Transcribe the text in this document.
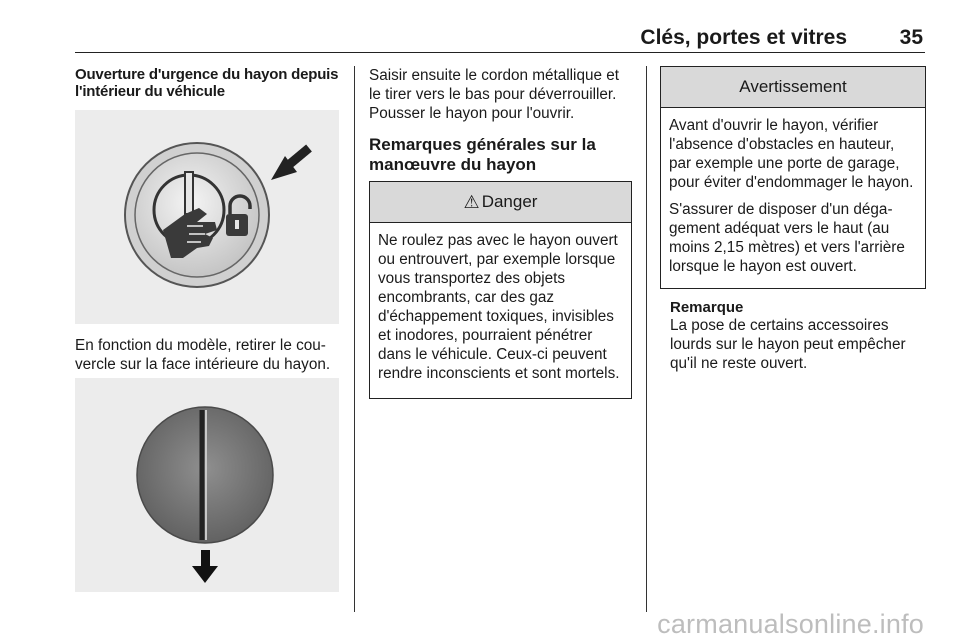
Clés, portes et vitres	35
Ouverture d'urgence du hayon depuis l'intérieur du véhicule

En fonction du modèle, retirer le couvercle sur la face intérieure du hayon.

Saisir ensuite le cordon métallique et le tirer vers le bas pour déverrouiller. Pousser le hayon pour l'ouvrir.

Remarques générales sur la manœuvre du hayon
⚠ Danger

Ne roulez pas avec le hayon ouvert ou entrouvert, par exemple lorsque vous transportez des objets encombrants, car des gaz d'échappement toxiques, invisibles et inodores, pourraient pénétrer dans le véhicule. Ceux-ci peuvent rendre inconscients et sont mortels.

Avertissement

Avant d'ouvrir le hayon, vérifier l'absence d'obstacles en hauteur, par exemple une porte de garage, pour éviter d'endommager le hayon.

S'assurer de disposer d'un dégagement adéquat vers le haut (au moins 2,15 mètres) et vers l'arrière lorsque le hayon est ouvert.

Remarque

La pose de certains accessoires lourds sur le hayon peut empêcher qu'il ne reste ouvert.

carmanualsonline.info
